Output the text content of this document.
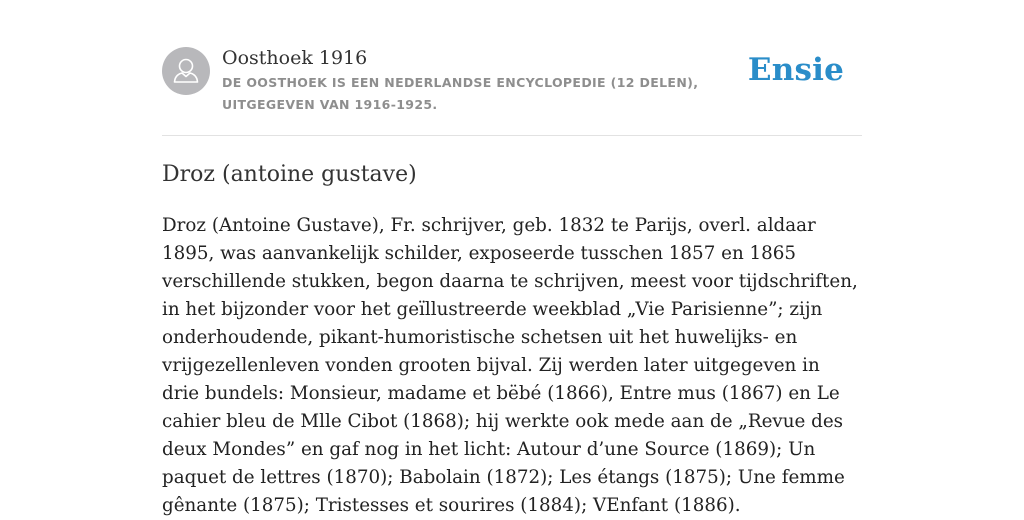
Oosthoek 1916
DE OOSTHOEK IS EEN NEDERLANDSE ENCYCLOPEDIE (12 DELEN), UITGEGEVEN VAN 1916-1925.
Ensie
Droz (antoine gustave)

Droz (Antoine Gustave), Fr. schrijver, geb. 1832 te Parijs, overl. aldaar 1895, was aanvankelijk schilder, exposeerde tusschen 1857 en 1865 verschillende stukken, begon daarna te schrijven, meest voor tijdschriften, in het bijzonder voor het geïllustreerde weekblad „Vie Parisienne”; zijn onderhoudende, pikant-humoristische schetsen uit het huwelijks- en vrijgezellenleven vonden grooten bijval. Zij werden later uitgegeven in drie bundels: Monsieur, madame et bëbé (1866), Entre mus (1867) en Le cahier bleu de Mlle Cibot (1868); hij werkte ook mede aan de „Revue des deux Mondes” en gaf nog in het licht: Autour d’une Source (1869); Un paquet de lettres (1870); Babolain (1872); Les étangs (1875); Une femme gênante (1875); Tristesses et sourires (1884); VEnfant (1886).
